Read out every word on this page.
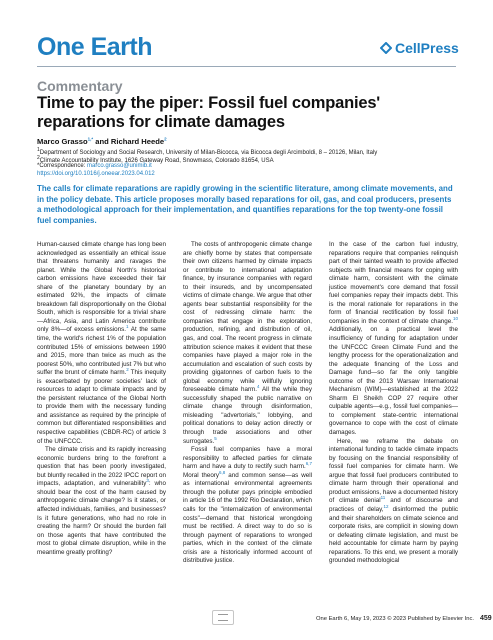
One Earth	CellPress
Commentary
Time to pay the piper: Fossil fuel companies' reparations for climate damages
Marco Grasso$^{1,*}$ and Richard Heede$^2$
$^1$Department of Sociology and Social Research, University of Milan-Bicocca, via Bicocca degli Arcimboldi, 8 – 20126, Milan, Italy
$^2$Climate Accountability Institute, 1626 Gateway Road, Snowmass, Colorado 81654, USA
*Correspondence: marco.grasso@unimib.it
https://doi.org/10.1016/j.oneear.2023.04.012
The calls for climate reparations are rapidly growing in the scientific literature, among climate movements, and in the policy debate. This article proposes morally based reparations for oil, gas, and coal producers, presents a methodological approach for their implementation, and quantifies reparations for the top twenty-one fossil fuel companies.

Human-caused climate change has long been acknowledged as essentially an ethical issue that threatens humanity and ravages the planet. While the Global North's historical carbon emissions have exceeded their fair share of the planetary boundary by an estimated 92%, the impacts of climate breakdown fall disproportionally on the Global South, which is responsible for a trivial share—Africa, Asia, and Latin America contribute only 8%—of excess emissions.$^1$ At the same time, the world's richest 1% of the population contributed 15% of emissions between 1990 and 2015, more than twice as much as the poorest 50%, who contributed just 7% but who suffer the brunt of climate harm.$^2$ This inequity is exacerbated by poorer societies' lack of resources to adapt to climate impacts and by the persistent reluctance of the Global North to provide them with the necessary funding and assistance as required by the principle of common but differentiated responsibilities and respective capabilities (CBDR-RC) of article 3 of the UNFCCC.

The climate crisis and its rapidly increasing economic burdens bring to the forefront a question that has been poorly investigated, but bluntly recalled in the 2022 IPCC report on impacts, adaptation, and vulnerability$^3$: who should bear the cost of the harm caused by anthropogenic climate change? Is it states, or affected individuals, families, and businesses? Is it future generations, who had no role in creating the harm? Or should the burden fall on those agents that have contributed the most to global climate disruption, while in the meantime greatly profiting?

The costs of anthropogenic climate change are chiefly borne by states that compensate their own citizens harmed by climate impacts or contribute to international adaptation finance, by insurance companies with regard to their insureds, and by uncompensated victims of climate change. We argue that other agents bear substantial responsibility for the cost of redressing climate harm: the companies that engage in the exploration, production, refining, and distribution of oil, gas, and coal. The recent progress in climate attribution science makes it evident that these companies have played a major role in the accumulation and escalation of such costs by providing gigatonnes of carbon fuels to the global economy while willfully ignoring foreseeable climate harm.$^4$ All the while they successfully shaped the public narrative on climate change through disinformation, misleading "advertorials," lobbying, and political donations to delay action directly or through trade associations and other surrogates.$^5$

Fossil fuel companies have a moral responsibility to affected parties for climate harm and have a duty to rectify such harm.$^{6,7}$ Moral theory$^{6,8}$ and common sense—as well as international environmental agreements through the polluter pays principle embodied in article 16 of the 1992 Rio Declaration, which calls for the "internalization of environmental costs"—demand that historical wrongdoing must be rectified. A direct way to do so is through payment of reparations to wronged parties, which in the context of the climate crisis are a historically informed account of distributive justice.

In the case of the carbon fuel industry, reparations require that companies relinquish part of their tainted wealth to provide affected subjects with financial means for coping with climate harm, consistent with the climate justice movement's core demand that fossil fuel companies repay their impacts debt. This is the moral rationale for reparations in the form of financial rectification by fossil fuel companies in the context of climate change.$^{10}$ Additionally, on a practical level the insufficiency of funding for adaptation under the UNFCCC Green Climate Fund and the lengthy process for the operationalization and the adequate financing of the Loss and Damage fund—so far the only tangible outcome of the 2013 Warsaw International Mechanism (WIM)—established at the 2022 Sharm El Sheikh COP 27 require other culpable agents—e.g., fossil fuel companies—to complement state-centric international governance to cope with the cost of climate damages.

Here, we reframe the debate on international funding to tackle climate impacts by focusing on the financial responsibility of fossil fuel companies for climate harm. We argue that fossil fuel producers contributed to climate harm through their operational and product emissions, have a documented history of climate denial$^{11}$ and of discourse and practices of delay,$^{12}$ disinformed the public and their shareholders on climate science and corporate risks, are complicit in slowing down or defeating climate legislation, and must be held accountable for climate harm by paying reparations. To this end, we present a morally grounded methodological

One Earth 6, May 19, 2023 © 2023 Published by Elsevier Inc. 459
